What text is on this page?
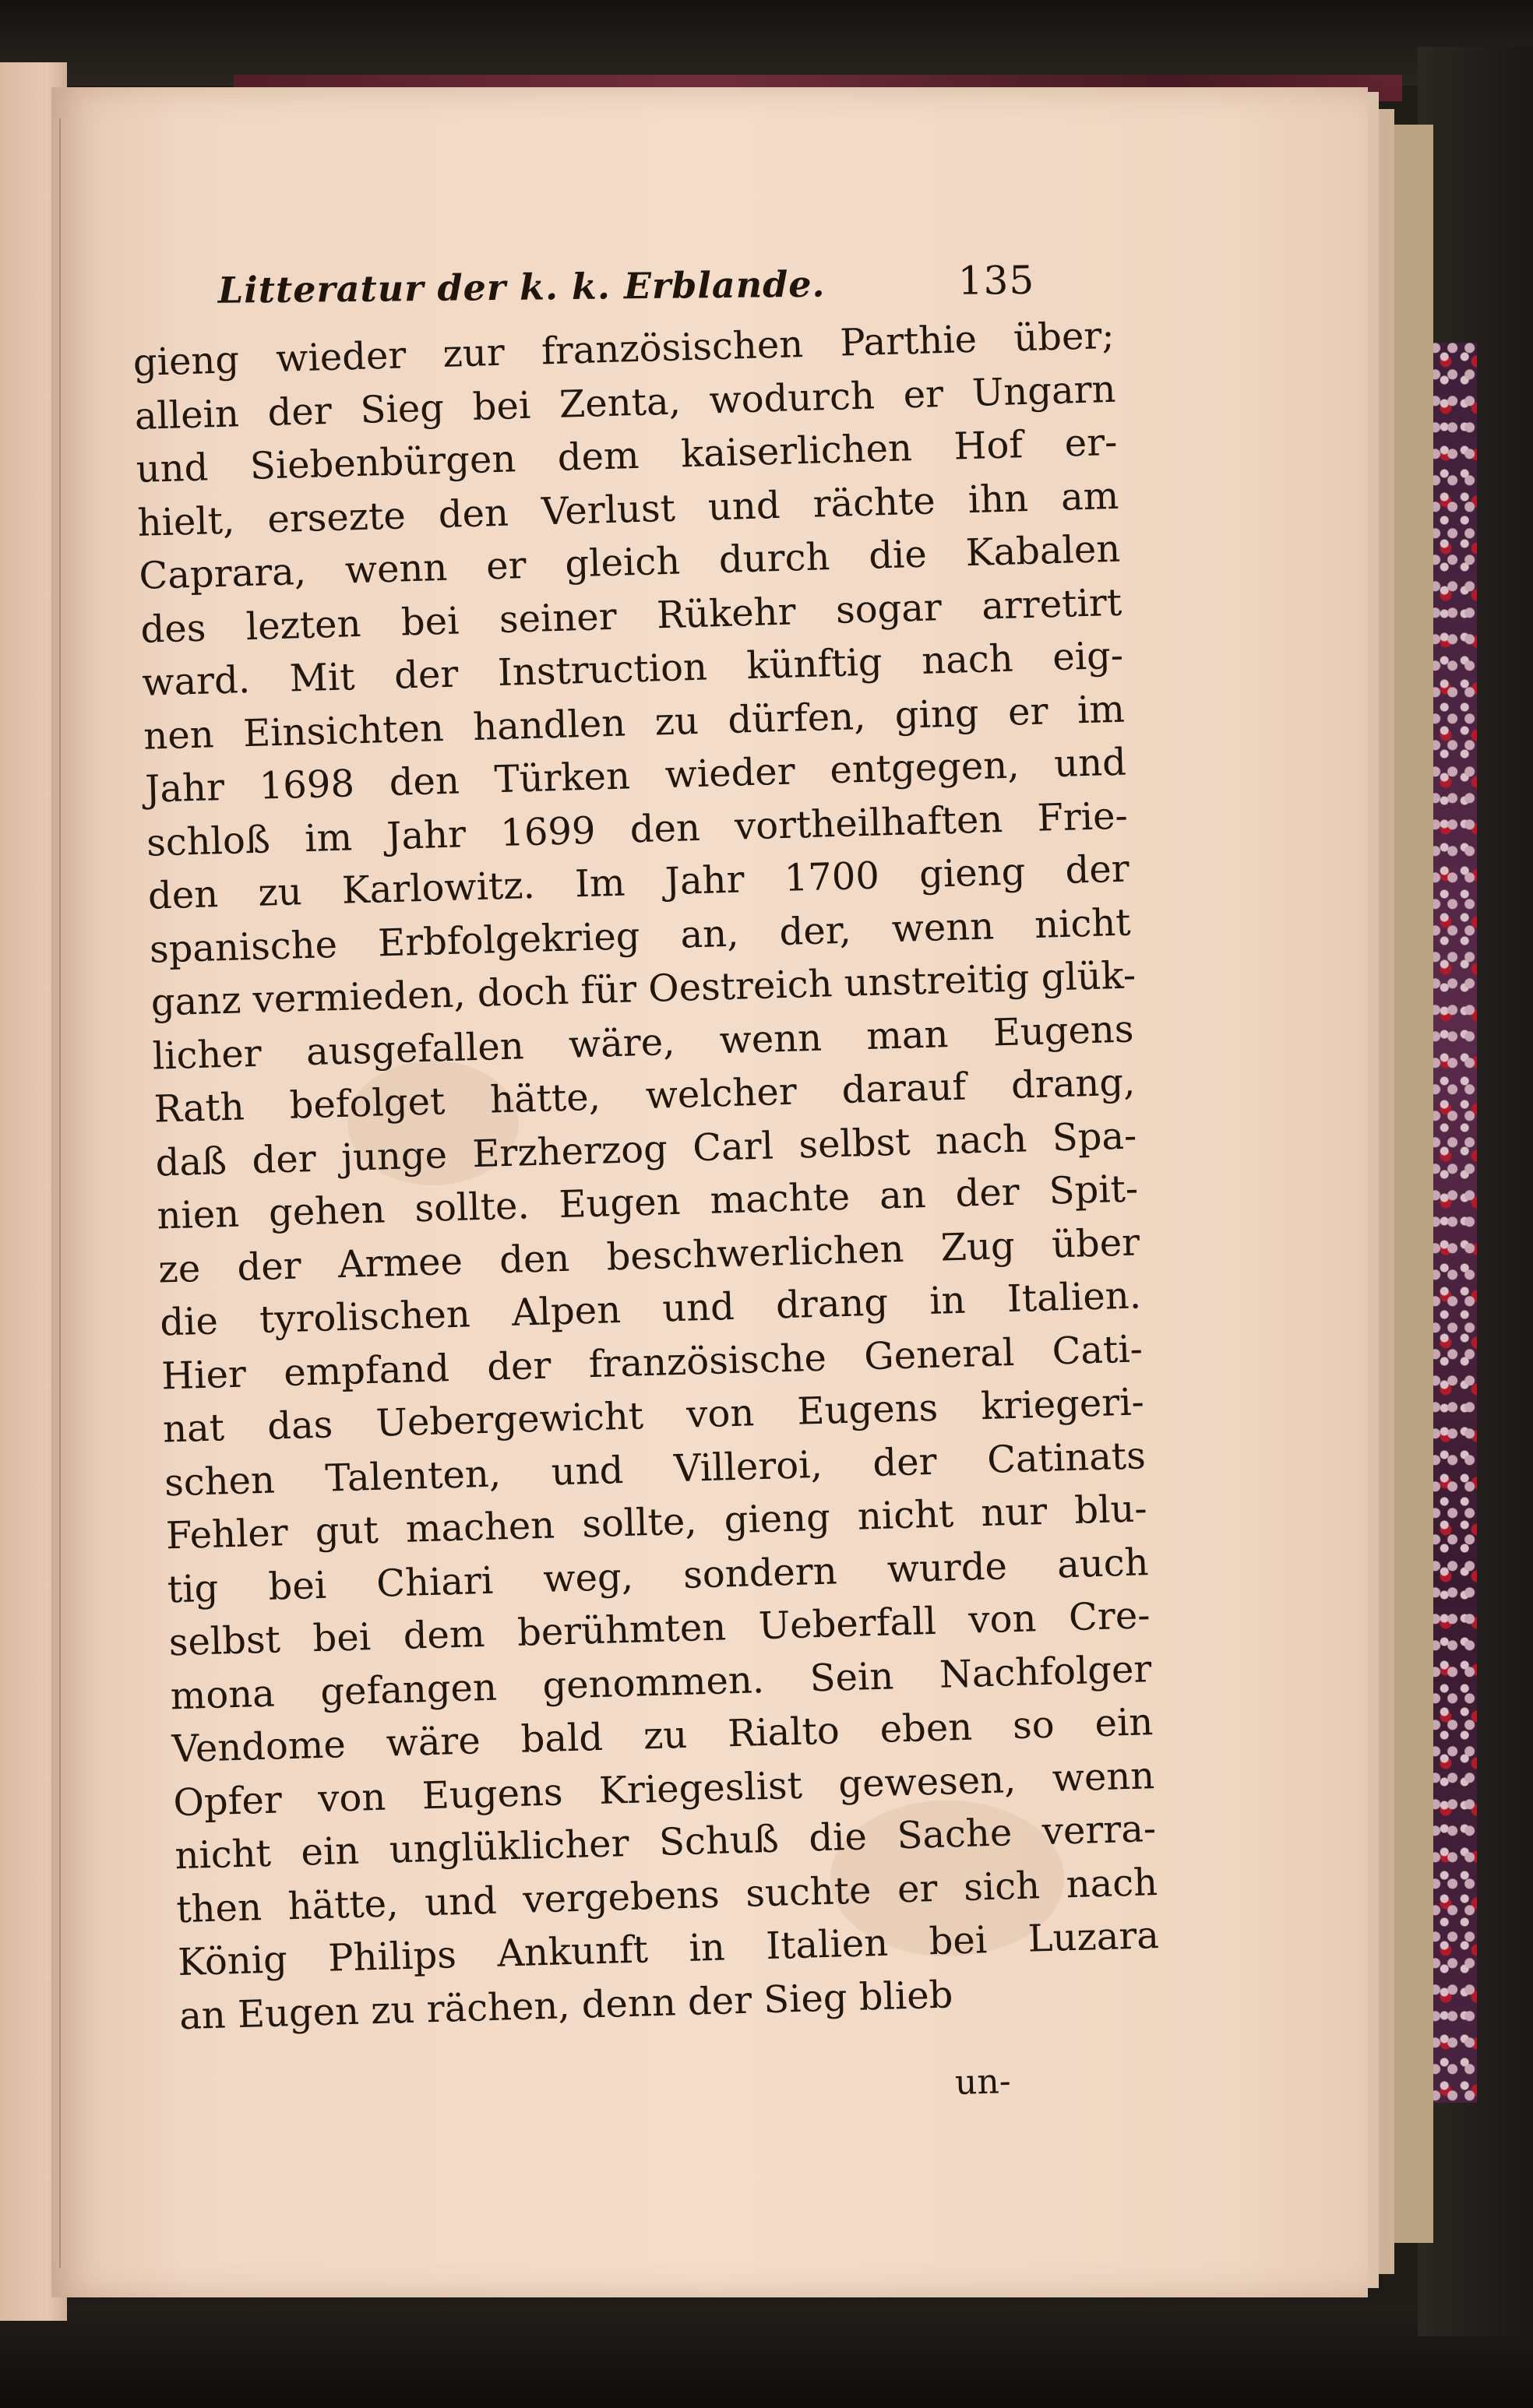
Litteratur der k. k. Erblande.	135
gieng wieder zur französischen Parthie über;
allein der Sieg bei Zenta, wodurch er Ungarn
und Siebenbürgen dem kaiserlichen Hof er-
hielt, ersezte den Verlust und rächte ihn am
Caprara, wenn er gleich durch die Kabalen
des lezten bei seiner Rükehr sogar arretirt
ward. Mit der Instruction künftig nach eig-
nen Einsichten handlen zu dürfen, ging er im
Jahr 1698 den Türken wieder entgegen, und
schloß im Jahr 1699 den vortheilhaften Frie-
den zu Karlowitz. Im Jahr 1700 gieng der
spanische Erbfolgekrieg an, der, wenn nicht
ganz vermieden, doch für Oestreich unstreitig glük-
licher ausgefallen wäre, wenn man Eugens
Rath befolget hätte, welcher darauf drang,
daß der junge Erzherzog Carl selbst nach Spa-
nien gehen sollte. Eugen machte an der Spit-
ze der Armee den beschwerlichen Zug über
die tyrolischen Alpen und drang in Italien.
Hier empfand der französische General Cati-
nat das Uebergewicht von Eugens kriegeri-
schen Talenten, und Villeroi, der Catinats
Fehler gut machen sollte, gieng nicht nur blu-
tig bei Chiari weg, sondern wurde auch
selbst bei dem berühmten Ueberfall von Cre-
mona gefangen genommen. Sein Nachfolger
Vendome wäre bald zu Rialto eben so ein
Opfer von Eugens Kriegeslist gewesen, wenn
nicht ein unglüklicher Schuß die Sache verra-
then hätte, und vergebens suchte er sich nach
König Philips Ankunft in Italien bei Luzara
an Eugen zu rächen, denn der Sieg blieb
un-
